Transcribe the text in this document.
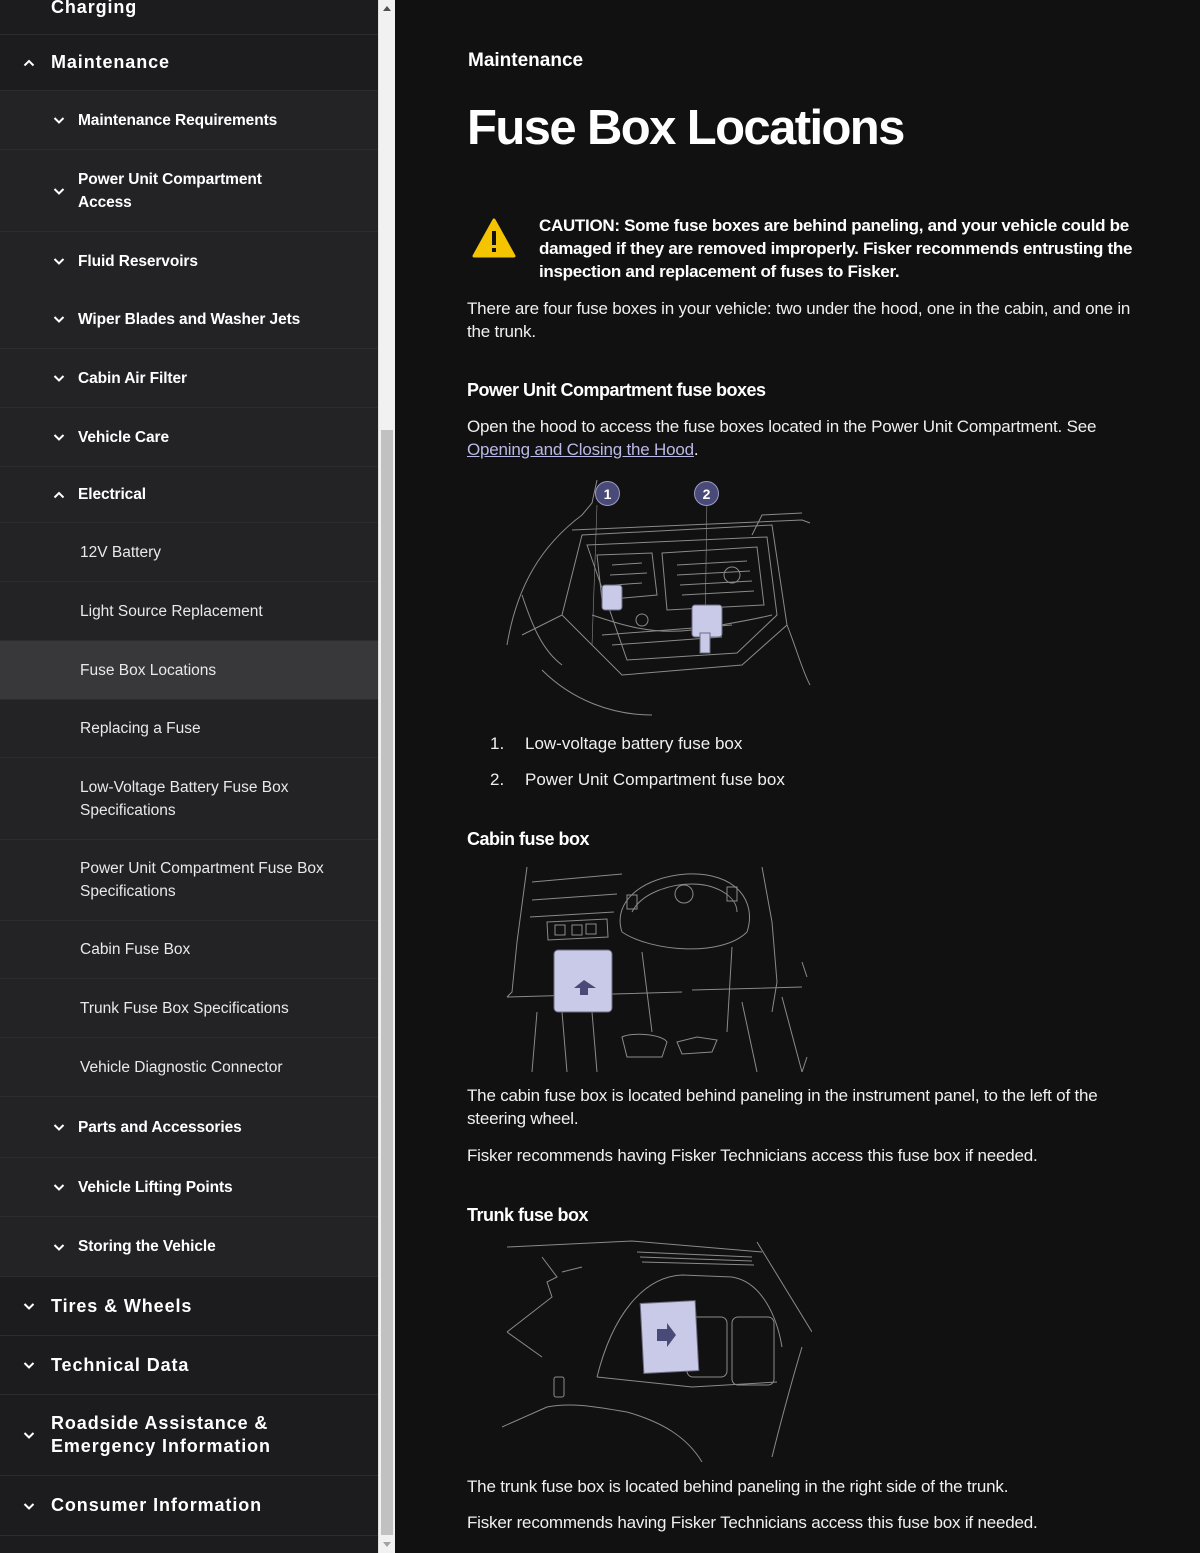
Charging
Maintenance
Maintenance Requirements
Power Unit Compartment Access
Fluid Reservoirs
Wiper Blades and Washer Jets
Cabin Air Filter
Vehicle Care
Electrical
12V Battery
Light Source Replacement
Fuse Box Locations
Replacing a Fuse
Low-Voltage Battery Fuse Box Specifications
Power Unit Compartment Fuse Box Specifications
Cabin Fuse Box
Trunk Fuse Box Specifications
Vehicle Diagnostic Connector
Parts and Accessories
Vehicle Lifting Points
Storing the Vehicle
Tires & Wheels
Technical Data
Roadside Assistance & Emergency Information
Consumer Information
Maintenance
Fuse Box Locations
CAUTION: Some fuse boxes are behind paneling, and your vehicle could be damaged if they are removed improperly. Fisker recommends entrusting the inspection and replacement of fuses to Fisker.

There are four fuse boxes in your vehicle: two under the hood, one in the cabin, and one in the trunk.

Power Unit Compartment fuse boxes

Open the hood to access the fuse boxes located in the Power Unit Compartment. See Opening and Closing the Hood.

1	2
1.	Low-voltage battery fuse box
2.	Power Unit Compartment fuse box
Cabin fuse box

The cabin fuse box is located behind paneling in the instrument panel, to the left of the steering wheel.

Fisker recommends having Fisker Technicians access this fuse box if needed.

Trunk fuse box

The trunk fuse box is located behind paneling in the right side of the trunk.

Fisker recommends having Fisker Technicians access this fuse box if needed.
